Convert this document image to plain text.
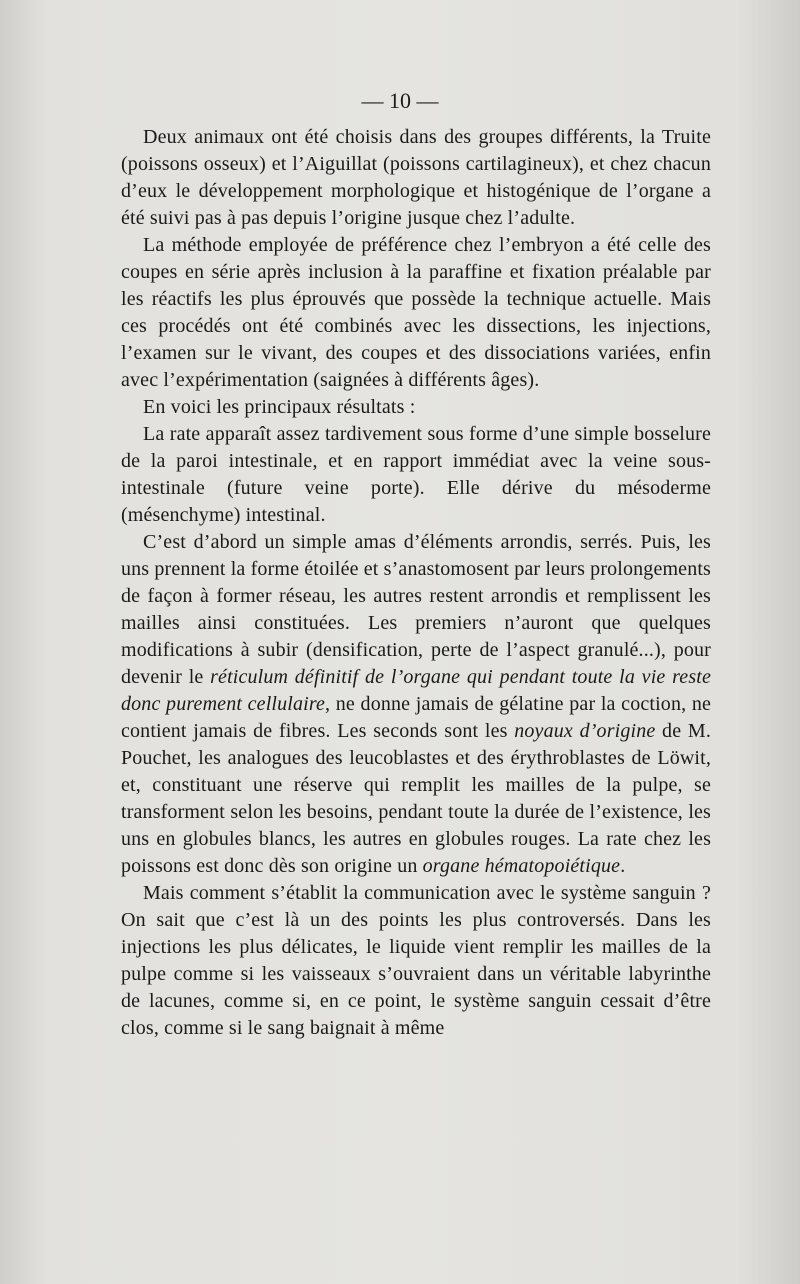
— 10 —

Deux animaux ont été choisis dans des groupes différents, la Truite (poissons osseux) et l’Aiguillat (poissons cartilagineux), et chez chacun d’eux le développement morphologique et histogénique de l’organe a été suivi pas à pas depuis l’origine jusque chez l’adulte.

La méthode employée de préférence chez l’embryon a été celle des coupes en série après inclusion à la paraffine et fixation préalable par les réactifs les plus éprouvés que possède la technique actuelle. Mais ces procédés ont été combinés avec les dissections, les injections, l’examen sur le vivant, des coupes et des dissociations variées, enfin avec l’expérimentation (saignées à différents âges).

En voici les principaux résultats :

La rate apparaît assez tardivement sous forme d’une simple bosselure de la paroi intestinale, et en rapport immédiat avec la veine sous-intestinale (future veine porte). Elle dérive du mésoderme (mésenchyme) intestinal.

C’est d’abord un simple amas d’éléments arrondis, serrés. Puis, les uns prennent la forme étoilée et s’anastomosent par leurs prolongements de façon à former réseau, les autres restent arrondis et remplissent les mailles ainsi constituées. Les premiers n’auront que quelques modifications à subir (densification, perte de l’aspect granulé...), pour devenir le réticulum définitif de l’organe qui pendant toute la vie reste donc purement cellulaire, ne donne jamais de gélatine par la coction, ne contient jamais de fibres. Les seconds sont les noyaux d’origine de M. Pouchet, les analogues des leucoblastes et des érythroblastes de Löwit, et, constituant une réserve qui remplit les mailles de la pulpe, se transforment selon les besoins, pendant toute la durée de l’existence, les uns en globules blancs, les autres en globules rouges. La rate chez les poissons est donc dès son origine un organe hématopoiétique.

Mais comment s’établit la communication avec le système sanguin ? On sait que c’est là un des points les plus controversés. Dans les injections les plus délicates, le liquide vient remplir les mailles de la pulpe comme si les vaisseaux s’ouvraient dans un véritable labyrinthe de lacunes, comme si, en ce point, le système sanguin cessait d’être clos, comme si le sang baignait à même
